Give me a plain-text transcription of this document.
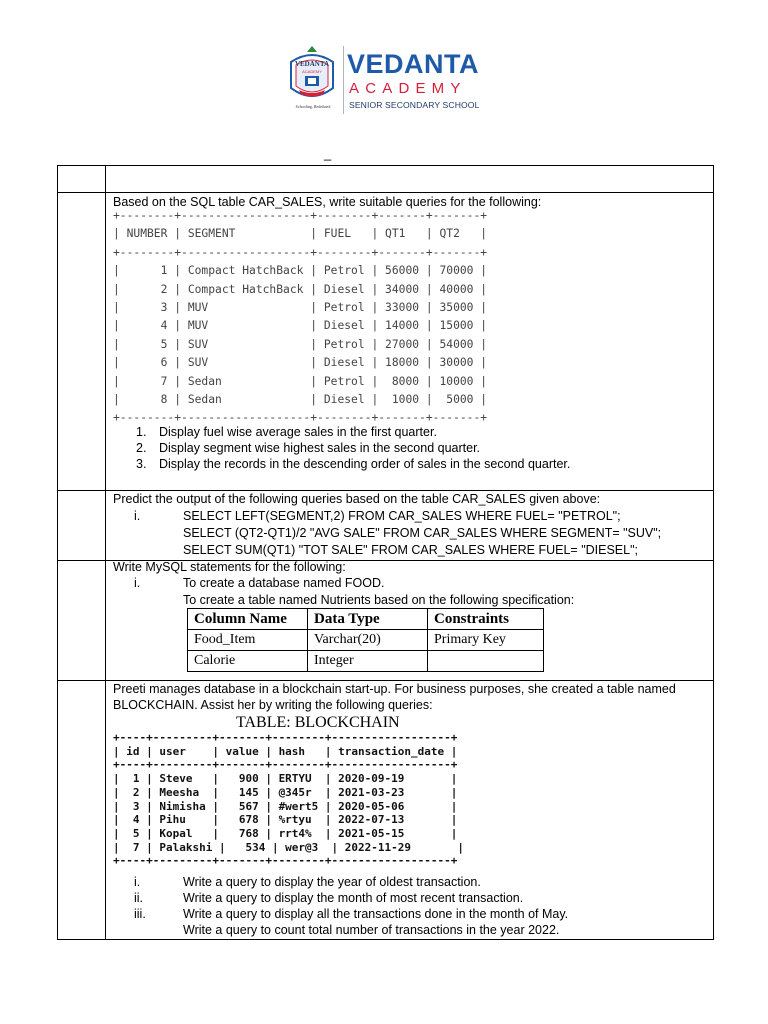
VEDANTA
ACADEMY
Schooling, Redefined
VEDANTA
ACADEMY
SENIOR SECONDARY SCHOOL
_
Based on the SQL table CAR_SALES, write suitable queries for the following:
+--------+-------------------+--------+-------+-------+
| NUMBER | SEGMENT           | FUEL   | QT1   | QT2   |
+--------+-------------------+--------+-------+-------+
|      1 | Compact HatchBack | Petrol | 56000 | 70000 |
|      2 | Compact HatchBack | Diesel | 34000 | 40000 |
|      3 | MUV               | Petrol | 33000 | 35000 |
|      4 | MUV               | Diesel | 14000 | 15000 |
|      5 | SUV               | Petrol | 27000 | 54000 |
|      6 | SUV               | Diesel | 18000 | 30000 |
|      7 | Sedan             | Petrol |  8000 | 10000 |
|      8 | Sedan             | Diesel |  1000 |  5000 |
+--------+-------------------+--------+-------+-------+
1. Display fuel wise average sales in the first quarter.
2. Display segment wise highest sales in the second quarter.
3. Display the records in the descending order of sales in the second quarter.
Predict the output of the following queries based on the table CAR_SALES given above:
i.	SELECT LEFT(SEGMENT,2) FROM CAR_SALES WHERE FUEL= "PETROL";
SELECT (QT2-QT1)/2 "AVG SALE" FROM CAR_SALES WHERE SEGMENT= "SUV";
SELECT SUM(QT1) "TOT SALE" FROM CAR_SALES WHERE FUEL= "DIESEL";
Write MySQL statements for the following:
i.	To create a database named FOOD.
To create a table named Nutrients based on the following specification:
Column Name	Data Type	Constraints
Food_Item	Varchar(20)	Primary Key
Calorie	Integer	
Preeti manages database in a blockchain start-up. For business purposes, she created a table named
BLOCKCHAIN. Assist her by writing the following queries:
TABLE: BLOCKCHAIN
+----+---------+-------+--------+------------------+
| id | user    | value | hash   | transaction_date |
+----+---------+-------+--------+------------------+
|  1 | Steve   |   900 | ERTYU  | 2020-09-19       |
|  2 | Meesha  |   145 | @345r  | 2021-03-23       |
|  3 | Nimisha |   567 | #wert5 | 2020-05-06       |
|  4 | Pihu    |   678 | %rtyu  | 2022-07-13       |
|  5 | Kopal   |   768 | rrt4%  | 2021-05-15       |
|  7 | Palakshi |   534 | wer@3  | 2022-11-29       |
+----+---------+-------+--------+------------------+
i.	Write a query to display the year of oldest transaction.
ii.	Write a query to display the month of most recent transaction.
iii.	Write a query to display all the transactions done in the month of May.
Write a query to count total number of transactions in the year 2022.
